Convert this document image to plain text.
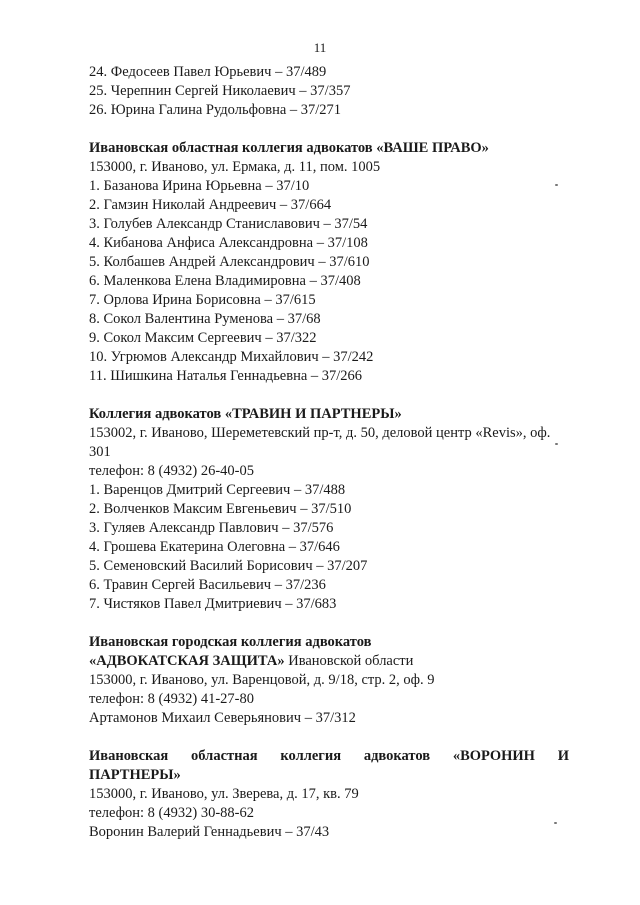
11
24. Федосеев Павел Юрьевич – 37/489
25. Черепнин Сергей Николаевич – 37/357
26. Юрина Галина Рудольфовна – 37/271
Ивановская областная коллегия адвокатов «ВАШЕ ПРАВО»
153000, г. Иваново, ул. Ермака, д. 11, пом. 1005
1. Базанова Ирина Юрьевна – 37/10
2. Гамзин Николай Андреевич – 37/664
3. Голубев Александр Станиславович – 37/54
4. Кибанова Анфиса Александровна – 37/108
5. Колбашев Андрей Александрович – 37/610
6. Маленкова Елена Владимировна – 37/408
7. Орлова Ирина Борисовна – 37/615
8. Сокол Валентина Руменова – 37/68
9. Сокол Максим Сергеевич – 37/322
10. Угрюмов Александр Михайлович – 37/242
11. Шишкина Наталья Геннадьевна – 37/266
Коллегия адвокатов «ТРАВИН И ПАРТНЕРЫ»
153002, г. Иваново, Шереметевский пр-т, д. 50, деловой центр «Revis», оф. 301
телефон: 8 (4932) 26-40-05
1. Варенцов Дмитрий Сергеевич – 37/488
2. Волченков Максим Евгеньевич – 37/510
3. Гуляев Александр Павлович – 37/576
4. Грошева Екатерина Олеговна – 37/646
5. Семеновский Василий Борисович – 37/207
6. Травин Сергей Васильевич – 37/236
7. Чистяков Павел Дмитриевич – 37/683
Ивановская городская коллегия адвокатов
«АДВОКАТСКАЯ ЗАЩИТА» Ивановской области
153000, г. Иваново, ул. Варенцовой, д. 9/18, стр. 2, оф. 9
телефон: 8 (4932) 41-27-80
Артамонов Михаил Северьянович – 37/312
Ивановская областная коллегия адвокатов «ВОРОНИН И
ПАРТНЕРЫ»
153000, г. Иваново, ул. Зверева, д. 17, кв. 79
телефон: 8 (4932) 30-88-62
Воронин Валерий Геннадьевич – 37/43
